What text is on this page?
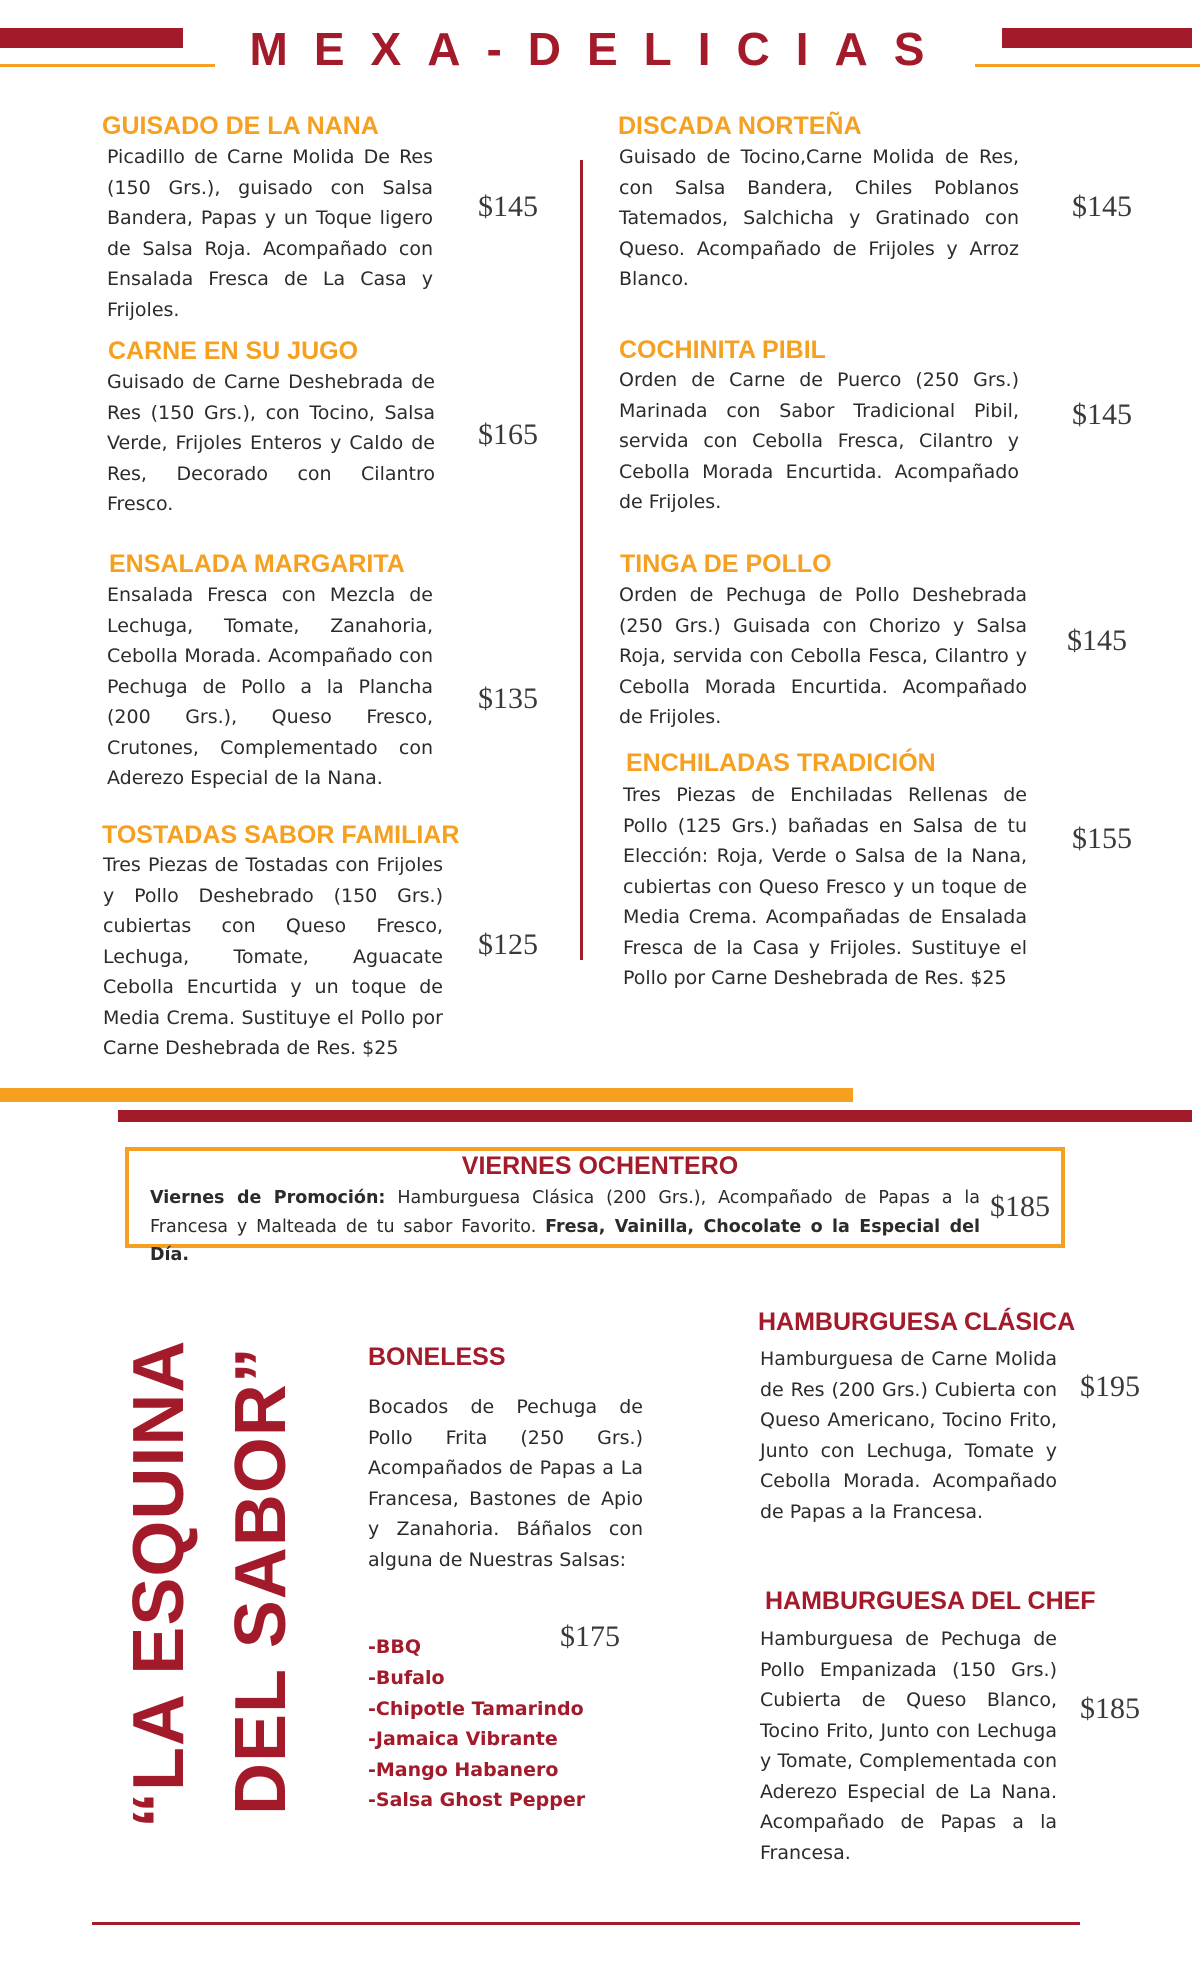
MEXA-DELICIAS
GUISADO DE LA NANA

Picadillo de Carne Molida De Res (150 Grs.), guisado con Salsa Bandera, Papas y un Toque ligero de Salsa Roja. Acompañado con Ensalada Fresca de La Casa y Frijoles.

$145
CARNE EN SU JUGO

Guisado de Carne Deshebrada de Res (150 Grs.), con Tocino, Salsa Verde, Frijoles Enteros y Caldo de Res, Decorado con Cilantro Fresco.

$165
ENSALADA MARGARITA

Ensalada Fresca con Mezcla de Lechuga, Tomate, Zanahoria, Cebolla Morada. Acompañado con Pechuga de Pollo a la Plancha (200 Grs.), Queso Fresco, Crutones, Complementado con Aderezo Especial de la Nana.

$135
TOSTADAS SABOR FAMILIAR

Tres Piezas de Tostadas con Frijoles y Pollo Deshebrado (150 Grs.) cubiertas con Queso Fresco, Lechuga, Tomate, Aguacate Cebolla Encurtida y un toque de Media Crema. Sustituye el Pollo por Carne Deshebrada de Res. $25

$125
DISCADA NORTEÑA

Guisado de Tocino,Carne Molida de Res, con Salsa Bandera, Chiles Poblanos Tatemados, Salchicha y Gratinado con Queso. Acompañado de Frijoles y Arroz Blanco.

$145
COCHINITA PIBIL

Orden de Carne de Puerco (250 Grs.) Marinada con Sabor Tradicional Pibil, servida con Cebolla Fresca, Cilantro y Cebolla Morada Encurtida. Acompañado de Frijoles.

$145
TINGA DE POLLO

Orden de Pechuga de Pollo Deshebrada (250 Grs.) Guisada con Chorizo y Salsa Roja, servida con Cebolla Fesca, Cilantro y Cebolla Morada Encurtida. Acompañado de Frijoles.

$145
ENCHILADAS TRADICIÓN

Tres Piezas de Enchiladas Rellenas de Pollo (125 Grs.) bañadas en Salsa de tu Elección: Roja, Verde o Salsa de la Nana, cubiertas con Queso Fresco y un toque de Media Crema. Acompañadas de Ensalada Fresca de la Casa y Frijoles. Sustituye el Pollo por Carne Deshebrada de Res. $25

$155
VIERNES OCHENTERO

Viernes de Promoción: Hamburguesa Clásica (200 Grs.), Acompañado de Papas a la Francesa y Malteada de tu sabor Favorito. Fresa, Vainilla, Chocolate o la Especial del Día.

$185
“LA ESQUINA DEL SABOR”	BONELESS

Bocados de Pechuga de Pollo Frita (250 Grs.) Acompañados de Papas a La Francesa, Bastones de Apio y Zanahoria. Báñalos con alguna de Nuestras Salsas:

$175
-BBQ
-Bufalo
-Chipotle Tamarindo
-Jamaica Vibrante
-Mango Habanero
-Salsa Ghost Pepper
HAMBURGUESA CLÁSICA

Hamburguesa de Carne Molida de Res (200 Grs.) Cubierta con Queso Americano, Tocino Frito, Junto con Lechuga, Tomate y Cebolla Morada. Acompañado de Papas a la Francesa.

$195
HAMBURGUESA DEL CHEF

Hamburguesa de Pechuga de Pollo Empanizada (150 Grs.) Cubierta de Queso Blanco, Tocino Frito, Junto con Lechuga y Tomate, Complementada con Aderezo Especial de La Nana. Acompañado de Papas a la Francesa.

$185
